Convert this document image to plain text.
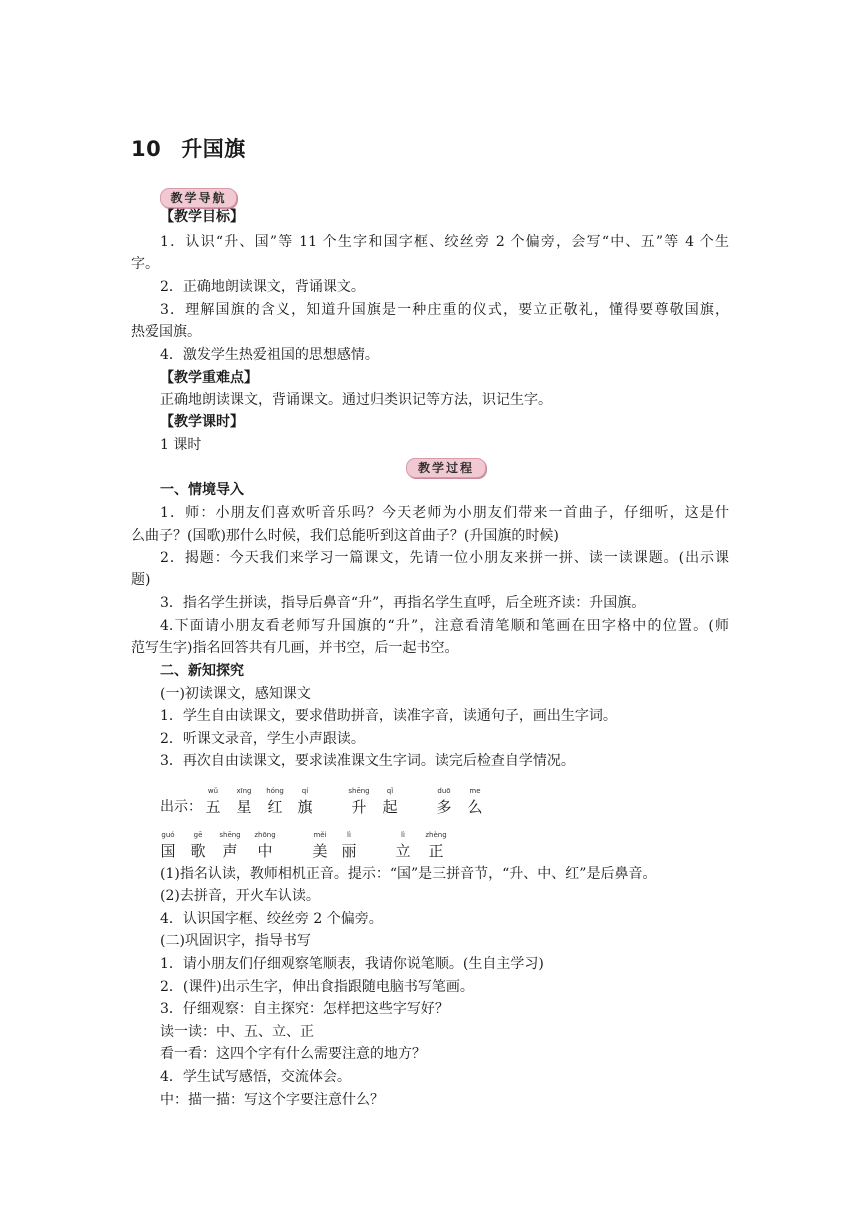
10 升国旗
教学导航
【教学目标】
1．认识“升、国”等 11 个生字和国字框、绞丝旁 2 个偏旁，会写“中、五”等 4 个生
字。
2．正确地朗读课文，背诵课文。
3．理解国旗的含义，知道升国旗是一种庄重的仪式，要立正敬礼，懂得要尊敬国旗，
热爱国旗。
4．激发学生热爱祖国的思想感情。
【教学重难点】
正确地朗读课文，背诵课文。通过归类识记等方法，识记生字。
【教学课时】
1 课时
教学过程
一、情境导入
1．师：小朋友们喜欢听音乐吗？今天老师为小朋友们带来一首曲子，仔细听，这是什
么曲子？(国歌)那什么时候，我们总能听到这首曲子？(升国旗的时候)
2．揭题：今天我们来学习一篇课文，先请一位小朋友来拼一拼、读一读课题。(出示课
题)
3．指名学生拼读，指导后鼻音“升”，再指名学生直呼，后全班齐读：升国旗。
4.下面请小朋友看老师写升国旗的“升”，注意看清笔顺和笔画在田字格中的位置。(师
范写生字)指名回答共有几画，并书空，后一起书空。
二、新知探究
(一)初读课文，感知课文
1．学生自由读课文，要求借助拼音，读准字音，读通句子，画出生字词。
2．听课文录音，学生小声跟读。
3．再次自由读课文，要求读准课文生字词。读完后检查自学情况。
出示：
wǔ
五
xīng
星
hóng
红
qí
旗
shēng
升
qǐ
起
duō
多
me
么
guó
国
gē
歌
shēng
声
zhōng
中
měi
美
lì
丽
lì
立
zhèng
正
(1)指名认读，教师相机正音。提示：“国”是三拼音节，“升、中、红”是后鼻音。
(2)去拼音，开火车认读。
4．认识国字框、绞丝旁 2 个偏旁。
(二)巩固识字，指导书写
1．请小朋友们仔细观察笔顺表，我请你说笔顺。(生自主学习)
2．(课件)出示生字，伸出食指跟随电脑书写笔画。
3．仔细观察：自主探究：怎样把这些字写好？
读一读：中、五、立、正
看一看：这四个字有什么需要注意的地方？
4．学生试写感悟，交流体会。
中：描一描：写这个字要注意什么？
